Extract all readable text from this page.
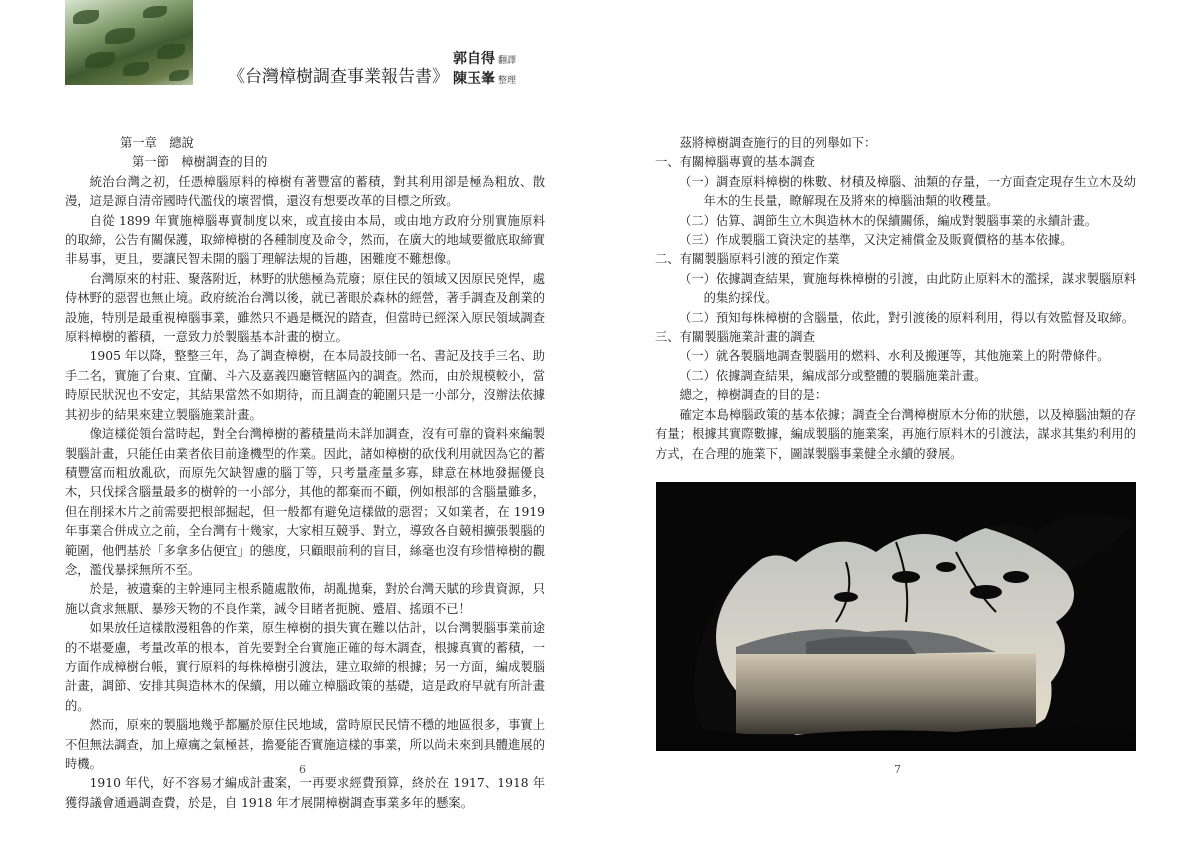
《台灣樟樹調查事業報告書》
郭自得 翻譯
陳玉峯 整理

第一章　總說

第一節　樟樹調查的目的

統治台灣之初，任憑樟腦原料的樟樹有著豐富的蓄積，對其利用卻是極為粗放、散漫，這是源自清帝國時代濫伐的壞習慣，還沒有想要改革的目標之所致。

自從 1899 年實施樟腦專賣制度以來，或直接由本局，或由地方政府分別實施原料的取締，公告有關保護，取締樟樹的各種制度及命令，然而，在廣大的地域要徹底取締實非易事，更且，要讓民智未開的腦丁理解法規的旨趣，困難度不難想像。

台灣原來的村莊、聚落附近，林野的狀態極為荒廢；原住民的領域又因原民兇悍，處侍林野的惡習也無止境。政府統治台灣以後，就已著眼於森林的經營，著手調查及創業的設施，特別是最重視樟腦事業，雖然只不過是概況的踏查，但當時已經深入原民領域調查原料樟樹的蓄積，一意致力於製腦基本計畫的樹立。

1905 年以降，整整三年，為了調查樟樹，在本局設技師一名、書記及技手三名、助手二名，實施了台東、宜蘭、斗六及嘉義四廳管轄區內的調查。然而，由於規模較小，當時原民狀況也不安定，其結果當然不如期待，而且調查的範圍只是一小部分，沒辦法依據其初步的結果來建立製腦施業計畫。

像這樣從領台當時起，對全台灣樟樹的蓄積量尚未詳加調查，沒有可靠的資料來編製製腦計畫，只能任由業者依目前逢機型的作業。因此，諸如樟樹的砍伐利用就因為它的蓄積豐富而粗放亂砍，而原先欠缺智慮的腦丁等，只考量產量多寡，肆意在林地發掘優良木，只伐採含腦量最多的樹幹的一小部分，其他的都棄而不顧，例如根部的含腦量雖多，但在削採木片之前需要把根部掘起，但一般都有避免這樣做的惡習；又如業者，在 1919 年事業合併成立之前，全台灣有十幾家，大家相互競爭、對立，導致各自競相擴張製腦的範圍，他們基於「多拿多佔便宜」的態度，只顧眼前利的盲目，絲毫也沒有珍惜樟樹的觀念，濫伐暴採無所不至。

於是，被遺棄的主幹連同主根系隨處散佈，胡亂拋棄，對於台灣天賦的珍貴資源，只施以貪求無厭、暴殄天物的不良作業，誠令目睹者扼腕、蹙眉、搖頭不已！

如果放任這樣散漫粗魯的作業，原生樟樹的損失實在難以估計，以台灣製腦事業前途的不堪憂慮，考量改革的根本，首先要對全台實施正確的每木調查，根據真實的蓄積，一方面作成樟樹台帳，實行原料的每株樟樹引渡法，建立取締的根據；另一方面，編成製腦計畫，調節、安排其與造林木的保續，用以確立樟腦政策的基礎，這是政府早就有所計畫的。

然而，原來的製腦地幾乎都屬於原住民地域，當時原民民情不穩的地區很多，事實上不但無法調查，加上瘴癘之氣極甚，擔憂能否實施這樣的事業，所以尚未來到具體進展的時機。

1910 年代，好不容易才編成計畫案，一再要求經費預算，終於在 1917、1918 年獲得議會通過調查費，於是，自 1918 年才展開樟樹調查事業多年的懸案。

6

茲將樟樹調查施行的目的列舉如下：

一、有關樟腦專賣的基本調查

（一）調查原料樟樹的株數、材積及樟腦、油類的存量，一方面查定現存生立木及幼年木的生長量，瞭解現在及將來的樟腦油類的收穫量。

（二）估算、調節生立木與造林木的保續關係，編成對製腦事業的永續計畫。

（三）作成製腦工資決定的基準，又決定補償金及販賣價格的基本依據。

二、有關製腦原料引渡的預定作業

（一）依據調查結果，實施每株樟樹的引渡，由此防止原料木的濫採，謀求製腦原料的集約採伐。

（二）預知每株樟樹的含腦量，依此，對引渡後的原料利用，得以有效監督及取締。

三、有關製腦施業計畫的調查

（一）就各製腦地調查製腦用的燃料、水利及搬運等，其他施業上的附帶條件。

（二）依據調查結果，編成部分或整體的製腦施業計畫。

總之，樟樹調查的目的是：

確定本島樟腦政策的基本依據；調查全台灣樟樹原木分佈的狀態，以及樟腦油類的存有量；根據其實際數據，編成製腦的施業案，再施行原料木的引渡法，謀求其集約利用的方式，在合理的施業下，圖謀製腦事業健全永續的發展。

7
